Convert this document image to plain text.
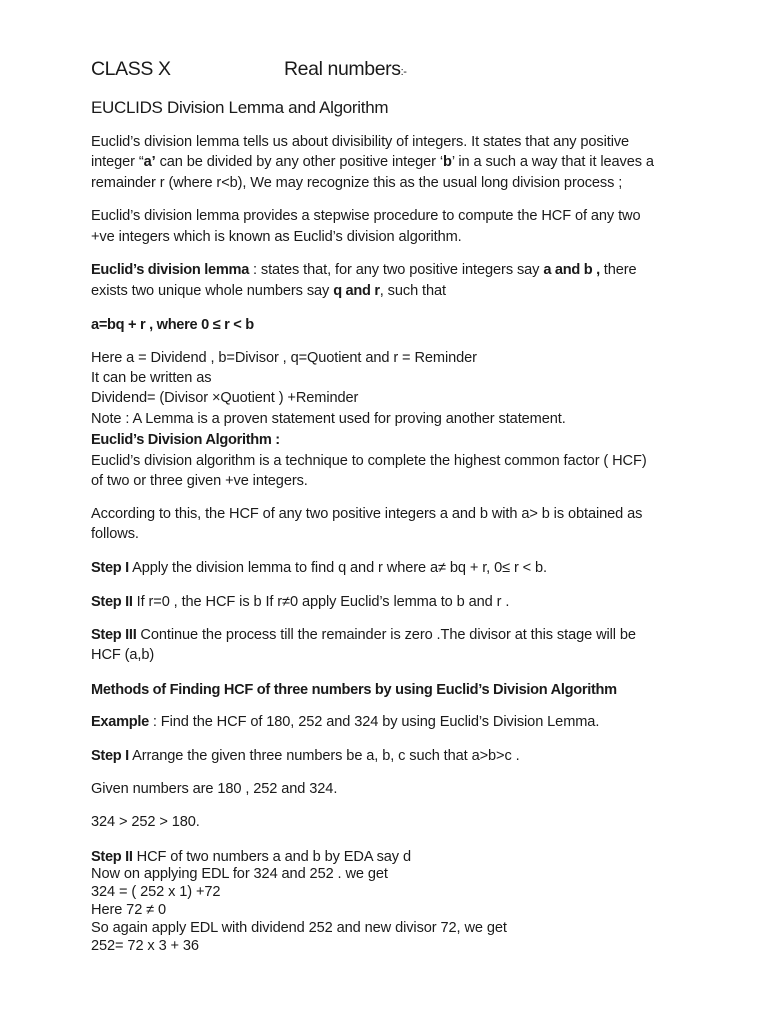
CLASS X	Real numbers:-
EUCLIDS Division Lemma and Algorithm
Euclid’s division lemma tells us about divisibility of integers. It states that any positive
integer “a’ can be divided by any other positive integer ‘b’ in a such a way that it leaves a
remainder r (where r<b), We may recognize this as the usual long division process ;
Euclid’s division lemma provides a stepwise procedure to compute the HCF of any two
+ve integers which is known as Euclid’s division algorithm.
Euclid’s division lemma : states that, for any two positive integers say a and b , there
exists two unique whole numbers say q and r, such that
a=bq + r , where 0 ≤ r < b
Here a = Dividend , b=Divisor , q=Quotient and r = Reminder
It can be written as
Dividend= (Divisor ×Quotient ) +Reminder
Note : A Lemma is a proven statement used for proving another statement.
Euclid’s Division Algorithm :
Euclid’s division algorithm is a technique to complete the highest common factor ( HCF)
of two or three given +ve integers.
According to this, the HCF of any two positive integers a and b with a> b is obtained as
follows.
Step I Apply the division lemma to find q and r where a≠ bq + r, 0≤ r < b.
Step II If r=0 , the HCF is b If r≠0 apply Euclid’s lemma to b and r .
Step III Continue the process till the remainder is zero .The divisor at this stage will be
HCF (a,b)
Methods of Finding HCF of three numbers by using Euclid’s Division Algorithm
Example : Find the HCF of 180, 252 and 324 by using Euclid’s Division Lemma.
Step I Arrange the given three numbers be a, b, c such that a>b>c .
Given numbers are 180 , 252 and 324.
324 > 252 > 180.
Step II HCF of two numbers a and b by EDA say d
Now on applying EDL for 324 and 252 . we get
324 = ( 252 x 1) +72
Here 72 ≠ 0
So again apply EDL with dividend 252 and new divisor 72, we get
252= 72 x 3 + 36
